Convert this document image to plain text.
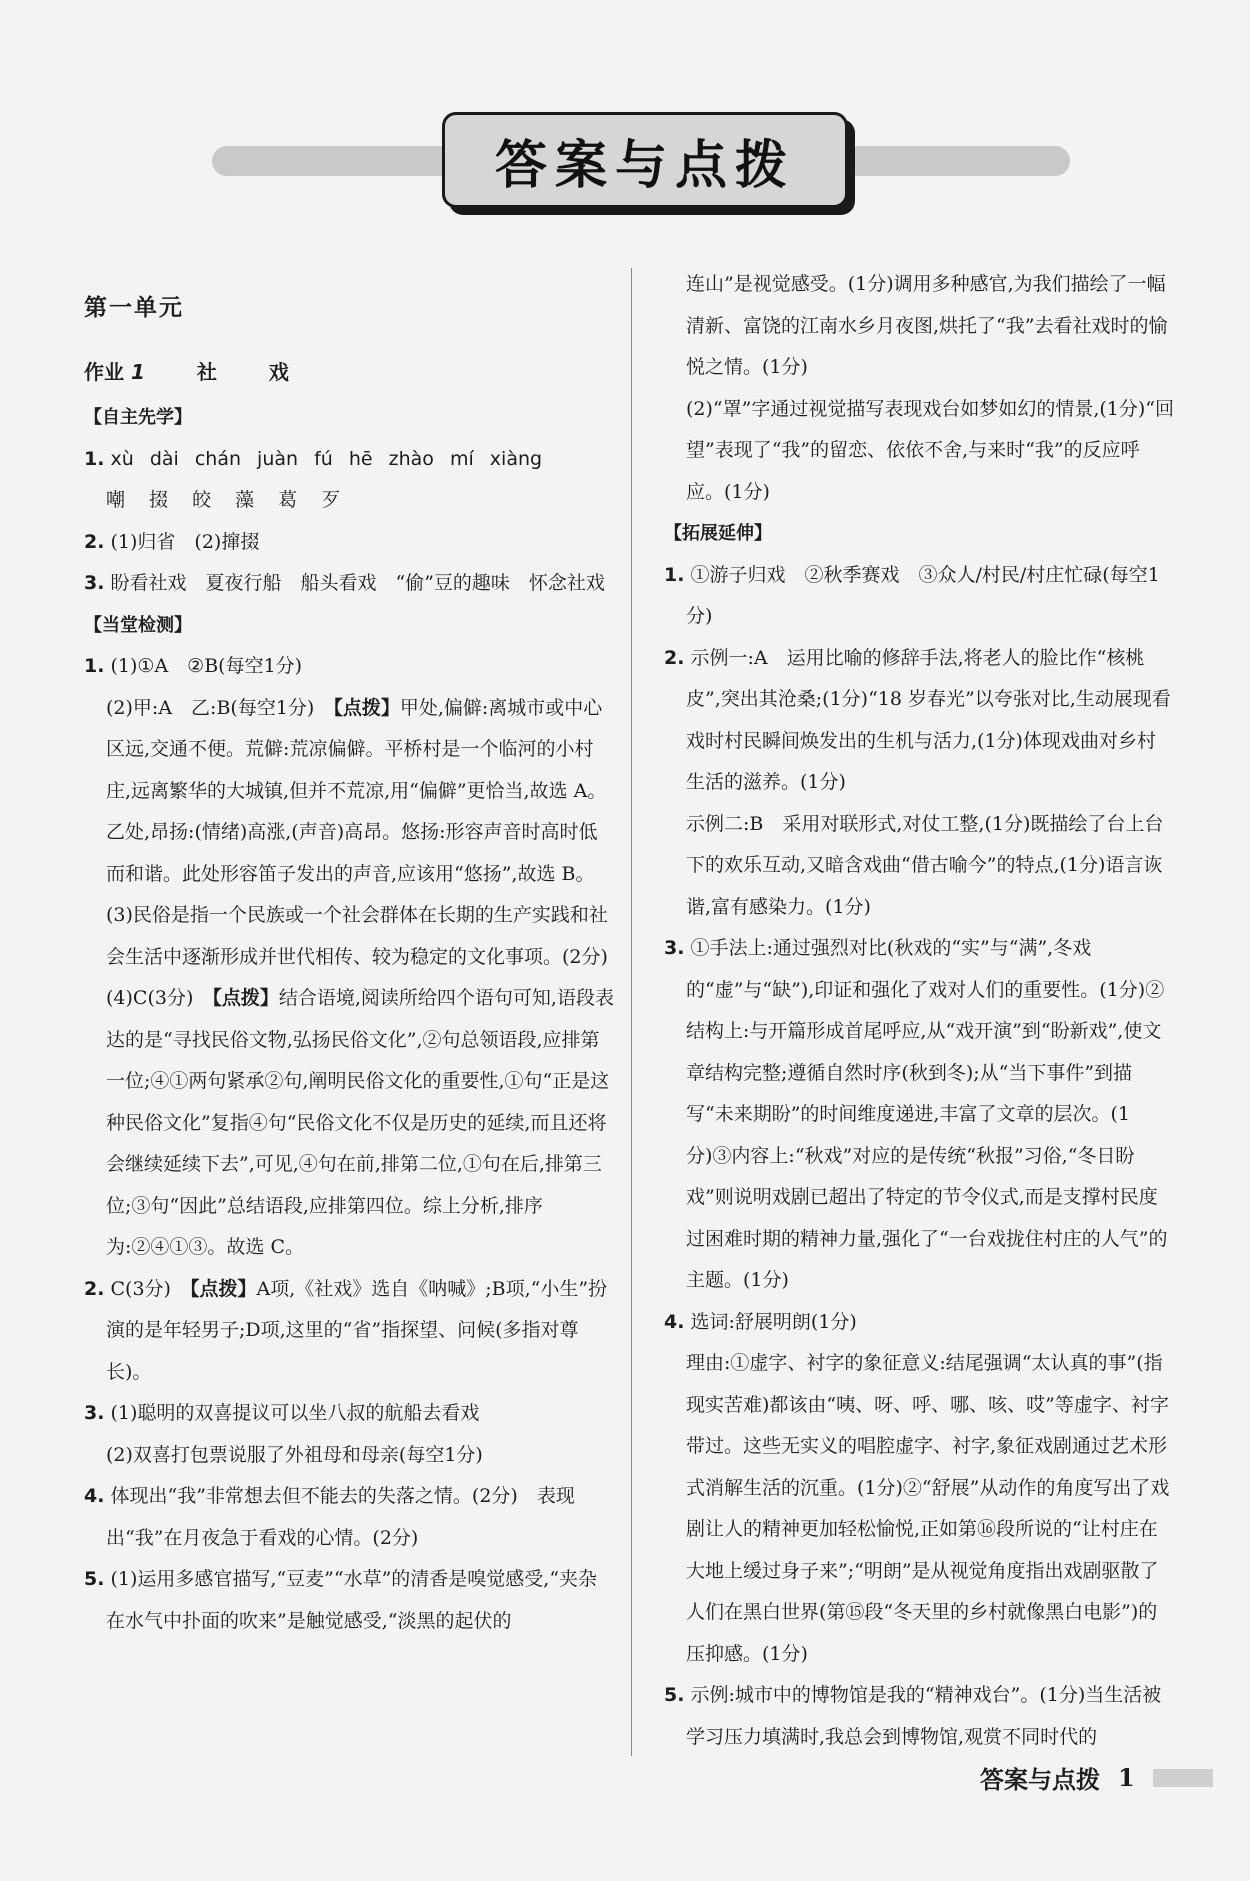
答案与点拨
第一单元
作业 1	社	戏
【自主先学】
1. xù dài chán juàn fú hē zhào mí xiàng
嘲 掇 皎 藻 葛 歹
2. (1)归省　(2)撺掇
3. 盼看社戏　夏夜行船　船头看戏　“偷”豆的趣味　怀念社戏
【当堂检测】
1. (1)①A　②B(每空1分)
(2)甲:A　乙:B(每空1分)　【点拨】甲处,偏僻:离城市或中心区远,交通不便。荒僻:荒凉偏僻。平桥村是一个临河的小村庄,远离繁华的大城镇,但并不荒凉,用“偏僻”更恰当,故选 A。乙处,昂扬:(情绪)高涨,(声音)高昂。悠扬:形容声音时高时低而和谐。此处形容笛子发出的声音,应该用“悠扬”,故选 B。
(3)民俗是指一个民族或一个社会群体在长期的生产实践和社会生活中逐渐形成并世代相传、较为稳定的文化事项。(2分)
(4)C(3分)　【点拨】结合语境,阅读所给四个语句可知,语段表达的是“寻找民俗文物,弘扬民俗文化”,②句总领语段,应排第一位;④①两句紧承②句,阐明民俗文化的重要性,①句“正是这种民俗文化”复指④句“民俗文化不仅是历史的延续,而且还将会继续延续下去”,可见,④句在前,排第二位,①句在后,排第三位;③句“因此”总结语段,应排第四位。综上分析,排序为:②④①③。故选 C。
2. C(3分)　【点拨】A项,《社戏》选自《呐喊》;B项,“小生”扮演的是年轻男子;D项,这里的“省”指探望、问候(多指对尊长)。
3. (1)聪明的双喜提议可以坐八叔的航船去看戏
(2)双喜打包票说服了外祖母和母亲(每空1分)
4. 体现出“我”非常想去但不能去的失落之情。(2分)　表现出“我”在月夜急于看戏的心情。(2分)
5. (1)运用多感官描写,“豆麦”“水草”的清香是嗅觉感受,“夹杂在水气中扑面的吹来”是触觉感受,“淡黑的起伏的
连山”是视觉感受。(1分)调用多种感官,为我们描绘了一幅清新、富饶的江南水乡月夜图,烘托了“我”去看社戏时的愉悦之情。(1分)
(2)“罩”字通过视觉描写表现戏台如梦如幻的情景,(1分)“回望”表现了“我”的留恋、依依不舍,与来时“我”的反应呼应。(1分)
【拓展延伸】
1. ①游子归戏　②秋季赛戏　③众人/村民/村庄忙碌(每空1分)
2. 示例一:A　运用比喻的修辞手法,将老人的脸比作“核桃皮”,突出其沧桑;(1分)“18 岁春光”以夸张对比,生动展现看戏时村民瞬间焕发出的生机与活力,(1分)体现戏曲对乡村生活的滋养。(1分)
示例二:B　采用对联形式,对仗工整,(1分)既描绘了台上台下的欢乐互动,又暗含戏曲“借古喻今”的特点,(1分)语言诙谐,富有感染力。(1分)
3. ①手法上:通过强烈对比(秋戏的“实”与“满”,冬戏的“虚”与“缺”),印证和强化了戏对人们的重要性。(1分)②结构上:与开篇形成首尾呼应,从“戏开演”到“盼新戏”,使文章结构完整;遵循自然时序(秋到冬);从“当下事件”到描写“未来期盼”的时间维度递进,丰富了文章的层次。(1分)③内容上:“秋戏”对应的是传统“秋报”习俗,“冬日盼戏”则说明戏剧已超出了特定的节令仪式,而是支撑村民度过困难时期的精神力量,强化了“一台戏拢住村庄的人气”的主题。(1分)
4. 选词:舒展明朗(1分)
理由:①虚字、衬字的象征意义:结尾强调“太认真的事”(指现实苦难)都该由“咦、呀、呼、哪、咳、哎”等虚字、衬字带过。这些无实义的唱腔虚字、衬字,象征戏剧通过艺术形式消解生活的沉重。(1分)②“舒展”从动作的角度写出了戏剧让人的精神更加轻松愉悦,正如第⑯段所说的“让村庄在大地上缓过身子来”;“明朗”是从视觉角度指出戏剧驱散了人们在黑白世界(第⑮段“冬天里的乡村就像黑白电影”)的压抑感。(1分)
5. 示例:城市中的博物馆是我的“精神戏台”。(1分)当生活被学习压力填满时,我总会到博物馆,观赏不同时代的
答案与点拨 1
